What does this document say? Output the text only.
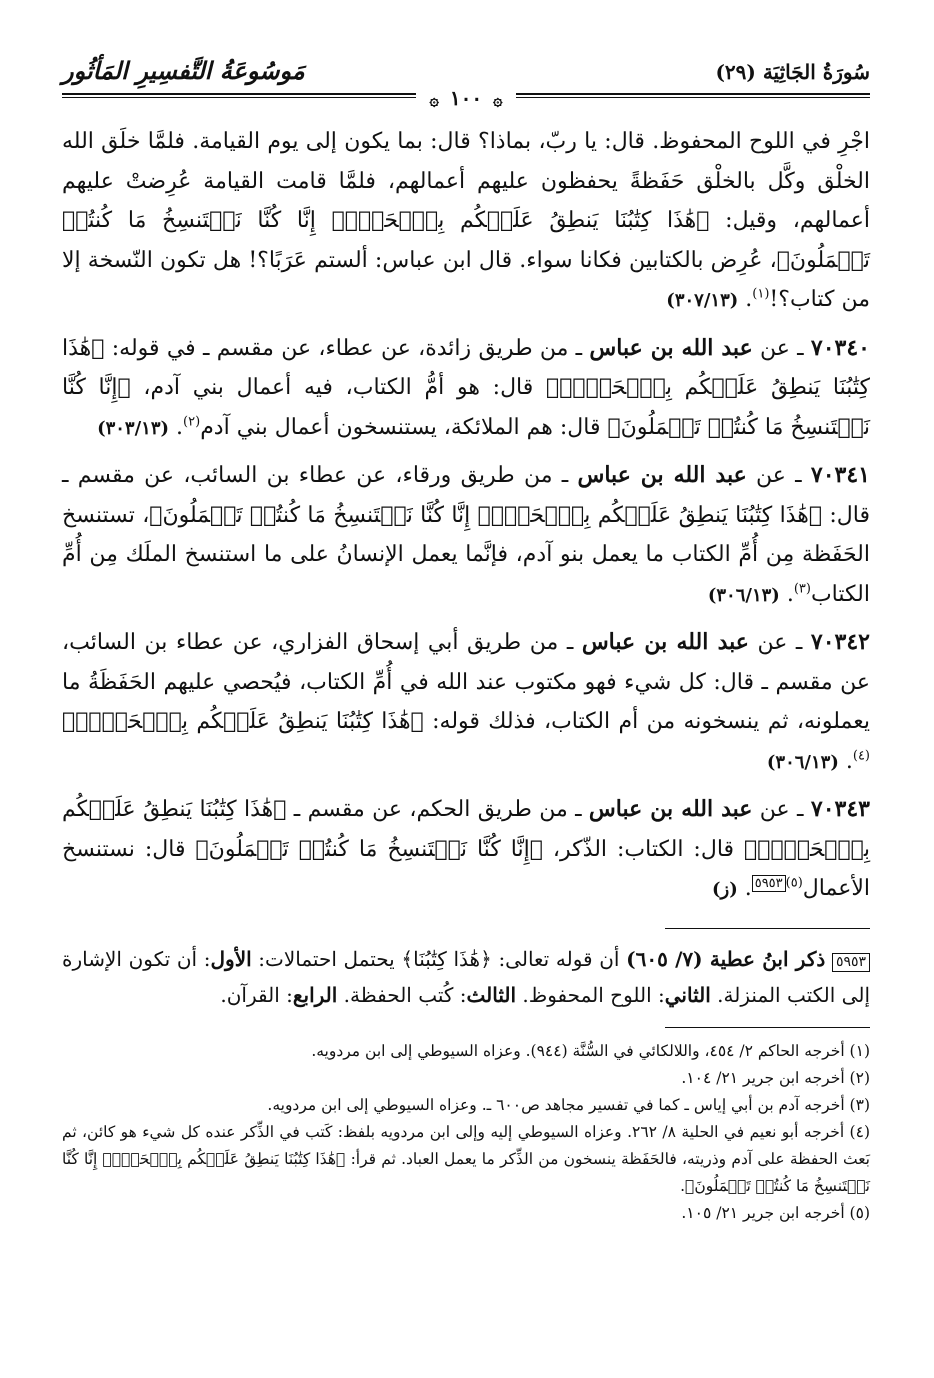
سُورَةُ الجَاثِيَة (٢٩)
مَوسُوعَةُ التَّفسِيرِ المَأثُور
۞ ١٠٠ ۞

اجْرِ في اللوح المحفوظ. قال: يا ربّ، بماذا؟ قال: بما يكون إلى يوم القيامة. فلمَّا خلَق الله الخلْق وكَّل بالخلْق حَفَظةً يحفظون عليهم أعمالهم، فلمَّا قامت القيامة عُرِضتْ عليهم أعمالهم، وقيل: ﴿هَٰذَا كِتَٰبُنَا يَنطِقُ عَلَيۡكُم بِٱلۡحَقِّۚ إِنَّا كُنَّا نَسۡتَنسِخُ مَا كُنتُمۡ تَعۡمَلُونَ﴾، عُرِض بالكتابين فكانا سواء. قال ابن عباس: ألستم عَرَبًا؟! هل تكون النّسخة إلا من كتاب؟!$^{(١)}$. (٣٠٧/١٣)

٧٠٣٤٠ ـ عن عبد الله بن عباس ـ من طريق زائدة، عن عطاء، عن مقسم ـ في قوله: ﴿هَٰذَا كِتَٰبُنَا يَنطِقُ عَلَيۡكُم بِٱلۡحَقِّۚ﴾ قال: هو أمُّ الكتاب، فيه أعمال بني آدم، ﴿إِنَّا كُنَّا نَسۡتَنسِخُ مَا كُنتُمۡ تَعۡمَلُونَ﴾ قال: هم الملائكة، يستنسخون أعمال بني آدم$^{(٢)}$. (٣٠٣/١٣)

٧٠٣٤١ ـ عن عبد الله بن عباس ـ من طريق ورقاء، عن عطاء بن السائب، عن مقسم ـ قال: ﴿هَٰذَا كِتَٰبُنَا يَنطِقُ عَلَيۡكُم بِٱلۡحَقِّۚ إِنَّا كُنَّا نَسۡتَنسِخُ مَا كُنتُمۡ تَعۡمَلُونَ﴾، تستنسخ الحَفَظة مِن أُمِّ الكتاب ما يعمل بنو آدم، فإنَّما يعمل الإنسانُ على ما استنسخ الملَك مِن أُمِّ الكتاب$^{(٣)}$. (٣٠٦/١٣)

٧٠٣٤٢ ـ عن عبد الله بن عباس ـ من طريق أبي إسحاق الفزاري، عن عطاء بن السائب، عن مقسم ـ قال: كل شيء فهو مكتوب عند الله في أُمِّ الكتاب، فيُحصي عليهم الحَفَظَةُ ما يعملونه، ثم ينسخونه من أم الكتاب، فذلك قوله: ﴿هَٰذَا كِتَٰبُنَا يَنطِقُ عَلَيۡكُم بِٱلۡحَقِّۚ﴾$^{(٤)}$. (٣٠٦/١٣)

٧٠٣٤٣ ـ عن عبد الله بن عباس ـ من طريق الحكم، عن مقسم ـ ﴿هَٰذَا كِتَٰبُنَا يَنطِقُ عَلَيۡكُم بِٱلۡحَقِّۚ﴾ قال: الكتاب: الذّكر، ﴿إِنَّا كُنَّا نَسۡتَنسِخُ مَا كُنتُمۡ تَعۡمَلُونَ﴾ قال: نستنسخ الأعمال$^{(٥)}$٥٩٥٣. (ز)

٥٩٥٣ ذكر ابنُ عطية (٧/ ٦٠٥) أن قوله تعالى: ﴿هَٰذَا كِتَٰبُنَا﴾ يحتمل احتمالات: الأول: أن تكون الإشارة إلى الكتب المنزلة. الثاني: اللوح المحفوظ. الثالث: كُتب الحفظة. الرابع: القرآن.
(١) أخرجه الحاكم ٢/ ٤٥٤، واللالكائي في السُّنَّة (٩٤٤). وعزاه السيوطي إلى ابن مردويه.
(٢) أخرجه ابن جرير ٢١/ ١٠٤.
(٣) أخرجه آدم بن أبي إياس ـ كما في تفسير مجاهد ص٦٠٠ ـ. وعزاه السيوطي إلى ابن مردويه.
(٤) أخرجه أبو نعيم في الحلية ٨/ ٢٦٢. وعزاه السيوطي إليه وإلى ابن مردويه بلفظ: كَتب في الذِّكر عنده كل شيء هو كائن، ثم بَعث الحفظة على آدم وذريته، فالحَفَظة ينسخون من الذِّكر ما يعمل العباد. ثم قرأ: ﴿هَٰذَا كِتَٰبُنَا يَنطِقُ عَلَيۡكُم بِٱلۡحَقِّۚ إِنَّا كُنَّا نَسۡتَنسِخُ مَا كُنتُمۡ تَعۡمَلُونَ﴾.
(٥) أخرجه ابن جرير ٢١/ ١٠٥.
